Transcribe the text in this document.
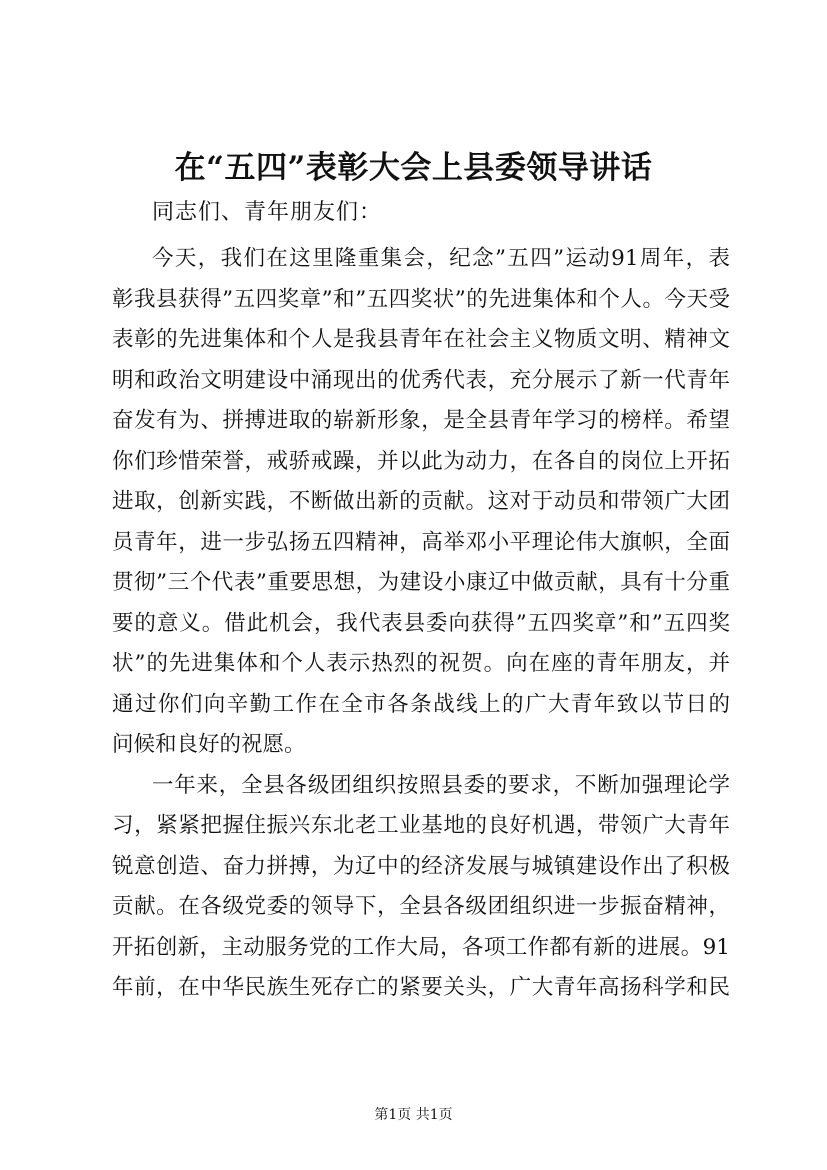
在“五四”表彰大会上县委领导讲话

同志们、青年朋友们：

今天，我们在这里隆重集会，纪念”五四”运动91周年，表
彰我县获得”五四奖章”和”五四奖状”的先进集体和个人。今天受
表彰的先进集体和个人是我县青年在社会主义物质文明、精神文
明和政治文明建设中涌现出的优秀代表，充分展示了新一代青年
奋发有为、拼搏进取的崭新形象，是全县青年学习的榜样。希望
你们珍惜荣誉，戒骄戒躁，并以此为动力，在各自的岗位上开拓
进取，创新实践，不断做出新的贡献。这对于动员和带领广大团
员青年，进一步弘扬五四精神，高举邓小平理论伟大旗帜，全面
贯彻”三个代表”重要思想，为建设小康辽中做贡献，具有十分重
要的意义。借此机会，我代表县委向获得”五四奖章”和”五四奖
状”的先进集体和个人表示热烈的祝贺。向在座的青年朋友，并
通过你们向辛勤工作在全市各条战线上的广大青年致以节日的
问候和良好的祝愿。
一年来，全县各级团组织按照县委的要求，不断加强理论学
习，紧紧把握住振兴东北老工业基地的良好机遇，带领广大青年
锐意创造、奋力拼搏，为辽中的经济发展与城镇建设作出了积极
贡献。在各级党委的领导下，全县各级团组织进一步振奋精神，
开拓创新，主动服务党的工作大局，各项工作都有新的进展。91
年前，在中华民族生死存亡的紧要关头，广大青年高扬科学和民

第1页 共1页
